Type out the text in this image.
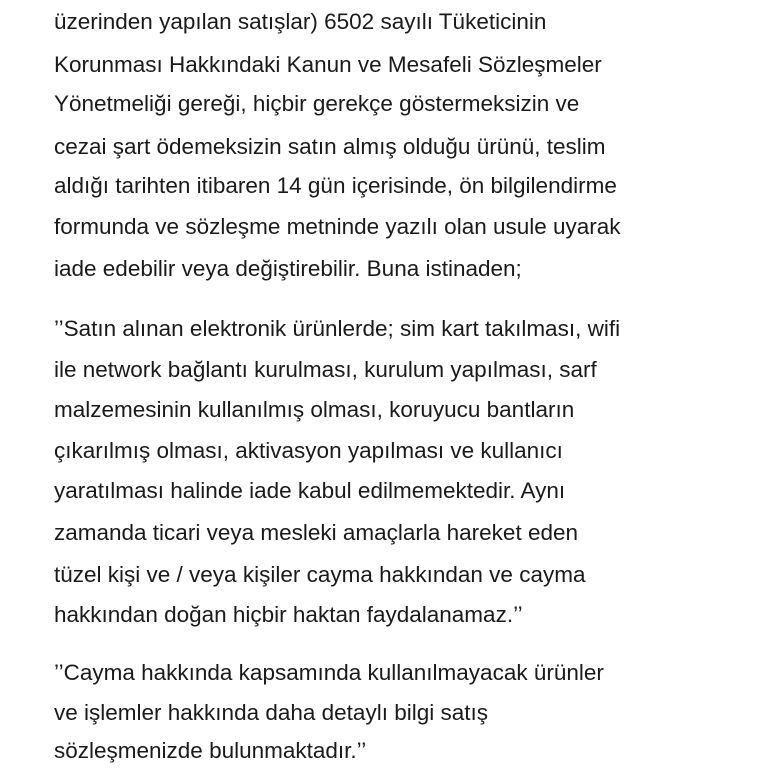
üzerinden yapılan satışlar) 6502 sayılı Tüketicinin
Korunması Hakkındaki Kanun ve Mesafeli Sözleşmeler
Yönetmeliği gereği, hiçbir gerekçe göstermeksizin ve
cezai şart ödemeksizin satın almış olduğu ürünü, teslim
aldığı tarihten itibaren 14 gün içerisinde, ön bilgilendirme
formunda ve sözleşme metninde yazılı olan usule uyarak
iade edebilir veya değiştirebilir. Buna istinaden;
’’Satın alınan elektronik ürünlerde; sim kart takılması, wifi
ile network bağlantı kurulması, kurulum yapılması, sarf
malzemesinin kullanılmış olması, koruyucu bantların
çıkarılmış olması, aktivasyon yapılması ve kullanıcı
yaratılması halinde iade kabul edilmemektedir. Aynı
zamanda ticari veya mesleki amaçlarla hareket eden
tüzel kişi ve / veya kişiler cayma hakkından ve cayma
hakkından doğan hiçbir haktan faydalanamaz.’’
’’Cayma hakkında kapsamında kullanılmayacak ürünler
ve işlemler hakkında daha detaylı bilgi satış
sözleşmenizde bulunmaktadır.’’
